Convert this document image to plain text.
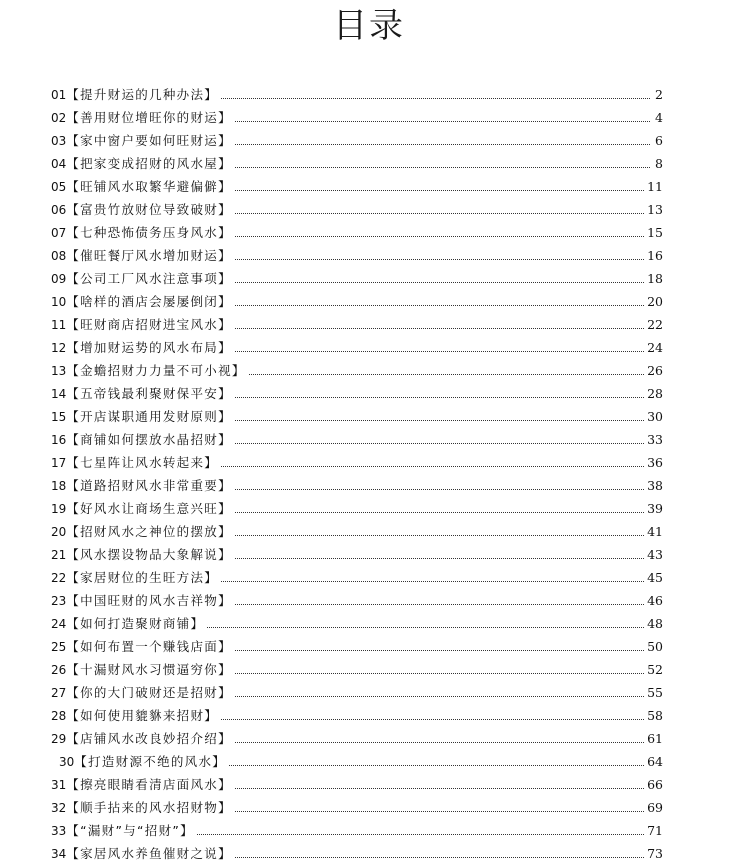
目录
01 【提升财运的几种办法】	2
02 【善用财位增旺你的财运】	4
03 【家中窗户要如何旺财运】	6
04 【把家变成招财的风水屋】	8
05 【旺铺风水取繁华避偏僻】	11
06 【富贵竹放财位导致破财】	13
07 【七种恐怖债务压身风水】	15
08 【催旺餐厅风水增加财运】	16
09 【公司工厂风水注意事项】	18
10 【啥样的酒店会屡屡倒闭】	20
11 【旺财商店招财进宝风水】	22
12 【增加财运势的风水布局】	24
13 【金蟾招财力力量不可小视】	26
14 【五帝钱最利聚财保平安】	28
15 【开店谋职通用发财原则】	30
16 【商铺如何摆放水晶招财】	33
17 【七星阵让风水转起来】	36
18 【道路招财风水非常重要】	38
19 【好风水让商场生意兴旺】	39
20 【招财风水之神位的摆放】	41
21 【风水摆设物品大象解说】	43
22 【家居财位的生旺方法】	45
23 【中国旺财的风水吉祥物】	46
24 【如何打造聚财商铺】	48
25 【如何布置一个赚钱店面】	50
26 【十漏财风水习惯逼穷你】	52
27 【你的大门破财还是招财】	55
28 【如何使用貔貅来招财】	58
29 【店铺风水改良妙招介绍】	61
30 【打造财源不绝的风水】	64
31 【擦亮眼睛看清店面风水】	66
32 【顺手拈来的风水招财物】	69
33 【“漏财”与“招财”】	71
34 【家居风水养鱼催财之说】	73
